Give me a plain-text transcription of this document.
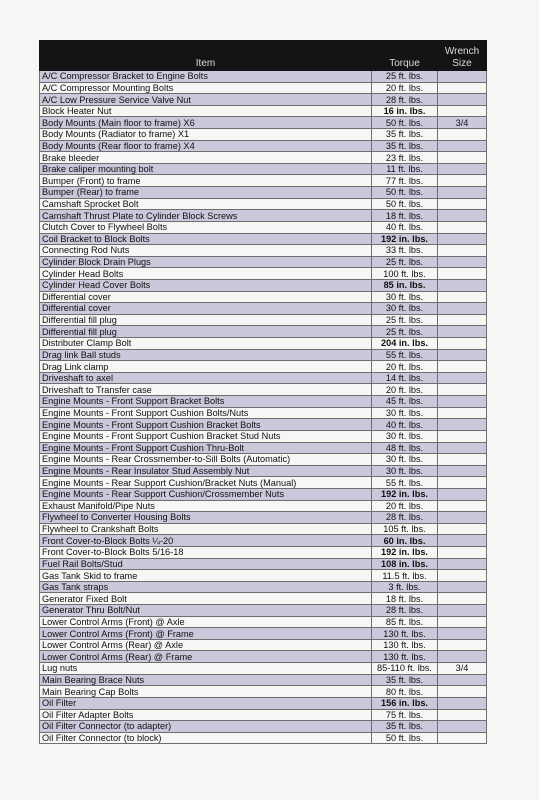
Item	Torque	Wrench
Size
A/C Compressor Bracket to Engine Bolts	25 ft. lbs.	
A/C Compressor Mounting Bolts	20 ft. lbs.	
A/C Low Pressure Service Valve Nut	28 ft. lbs.	
Block Heater Nut	16 in. lbs.	
Body Mounts (Main floor to frame) X6	50 ft. lbs.	3/4
Body Mounts (Radiator to frame) X1	35 ft. lbs.	
Body Mounts (Rear floor to frame) X4	35 ft. lbs.	
Brake bleeder	23 ft. lbs.	
Brake caliper mounting bolt	11 ft. lbs.	
Bumper (Front) to frame	77 ft. lbs.	
Bumper (Rear) to frame	50 ft. lbs.	
Camshaft Sprocket Bolt	50 ft. lbs.	
Camshaft Thrust Plate to Cylinder Block Screws	18 ft. lbs.	
Clutch Cover to Flywheel Bolts	40 ft. lbs.	
Coil Bracket to Block Bolts	192 in. lbs.	
Connecting Rod Nuts	33 ft. lbs.	
Cylinder Block Drain Plugs	25 ft. lbs.	
Cylinder Head Bolts	100 ft. lbs.	
Cylinder Head Cover Bolts	85 in. lbs.	
Differential cover	30 ft. lbs.	
Differential cover	30 ft. lbs.	
Differential fill plug	25 ft. lbs.	
Differential fill plug	25 ft. lbs.	
Distributer Clamp Bolt	204 in. lbs.	
Drag link Ball studs	55 ft. lbs.	
Drag Link clamp	20 ft. lbs.	
Driveshaft to axel	14 ft. lbs.	
Driveshaft to Transfer case	20 ft. lbs.	
Engine Mounts - Front Support Bracket Bolts	45 ft. lbs.	
Engine Mounts - Front Support Cushion Bolts/Nuts	30 ft. lbs.	
Engine Mounts - Front Support Cushion Bracket Bolts	40 ft. lbs.	
Engine Mounts - Front Support Cushion Bracket Stud Nuts	30 ft. lbs.	
Engine Mounts - Front Support Cushion Thru-Bolt	48 ft. lbs.	
Engine Mounts - Rear Crossmember-to-Sill Bolts (Automatic)	30 ft. lbs.	
Engine Mounts - Rear Insulator Stud Assembly Nut	30 ft. lbs.	
Engine Mounts - Rear Support Cushion/Bracket Nuts (Manual)	55 ft. lbs.	
Engine Mounts - Rear Support Cushion/Crossmember Nuts	192 in. lbs.	
Exhaust Manifold/Pipe Nuts	20 ft. lbs.	
Flywheel to Converter Housing Bolts	28 ft. lbs.	
Flywheel to Crankshaft Bolts	105 ft. lbs.	
Front Cover-to-Block Bolts ¼-20	60 in. lbs.	
Front Cover-to-Block Bolts 5/16-18	192 in. lbs.	
Fuel Rail Bolts/Stud	108 in. lbs.	
Gas Tank Skid to frame	11.5 ft. lbs.	
Gas Tank straps	3 ft. lbs.	
Generator Fixed Bolt	18 ft. lbs.	
Generator Thru Bolt/Nut	28 ft. lbs.	
Lower Control Arms (Front) @ Axle	85 ft. lbs.	
Lower Control Arms (Front) @ Frame	130 ft. lbs.	
Lower Control Arms (Rear) @ Axle	130 ft. lbs.	
Lower Control Arms (Rear) @ Frame	130 ft. lbs.	
Lug nuts	85-110 ft. lbs.	3/4
Main Bearing Brace Nuts	35 ft. lbs.	
Main Bearing Cap Bolts	80 ft. lbs.	
Oil Filter	156 in. lbs.	
Oil Filter Adapter Bolts	75 ft. lbs.	
Oil Filter Connector (to adapter)	35 ft. lbs.	
Oil Filter Connector (to block)	50 ft. lbs.	
